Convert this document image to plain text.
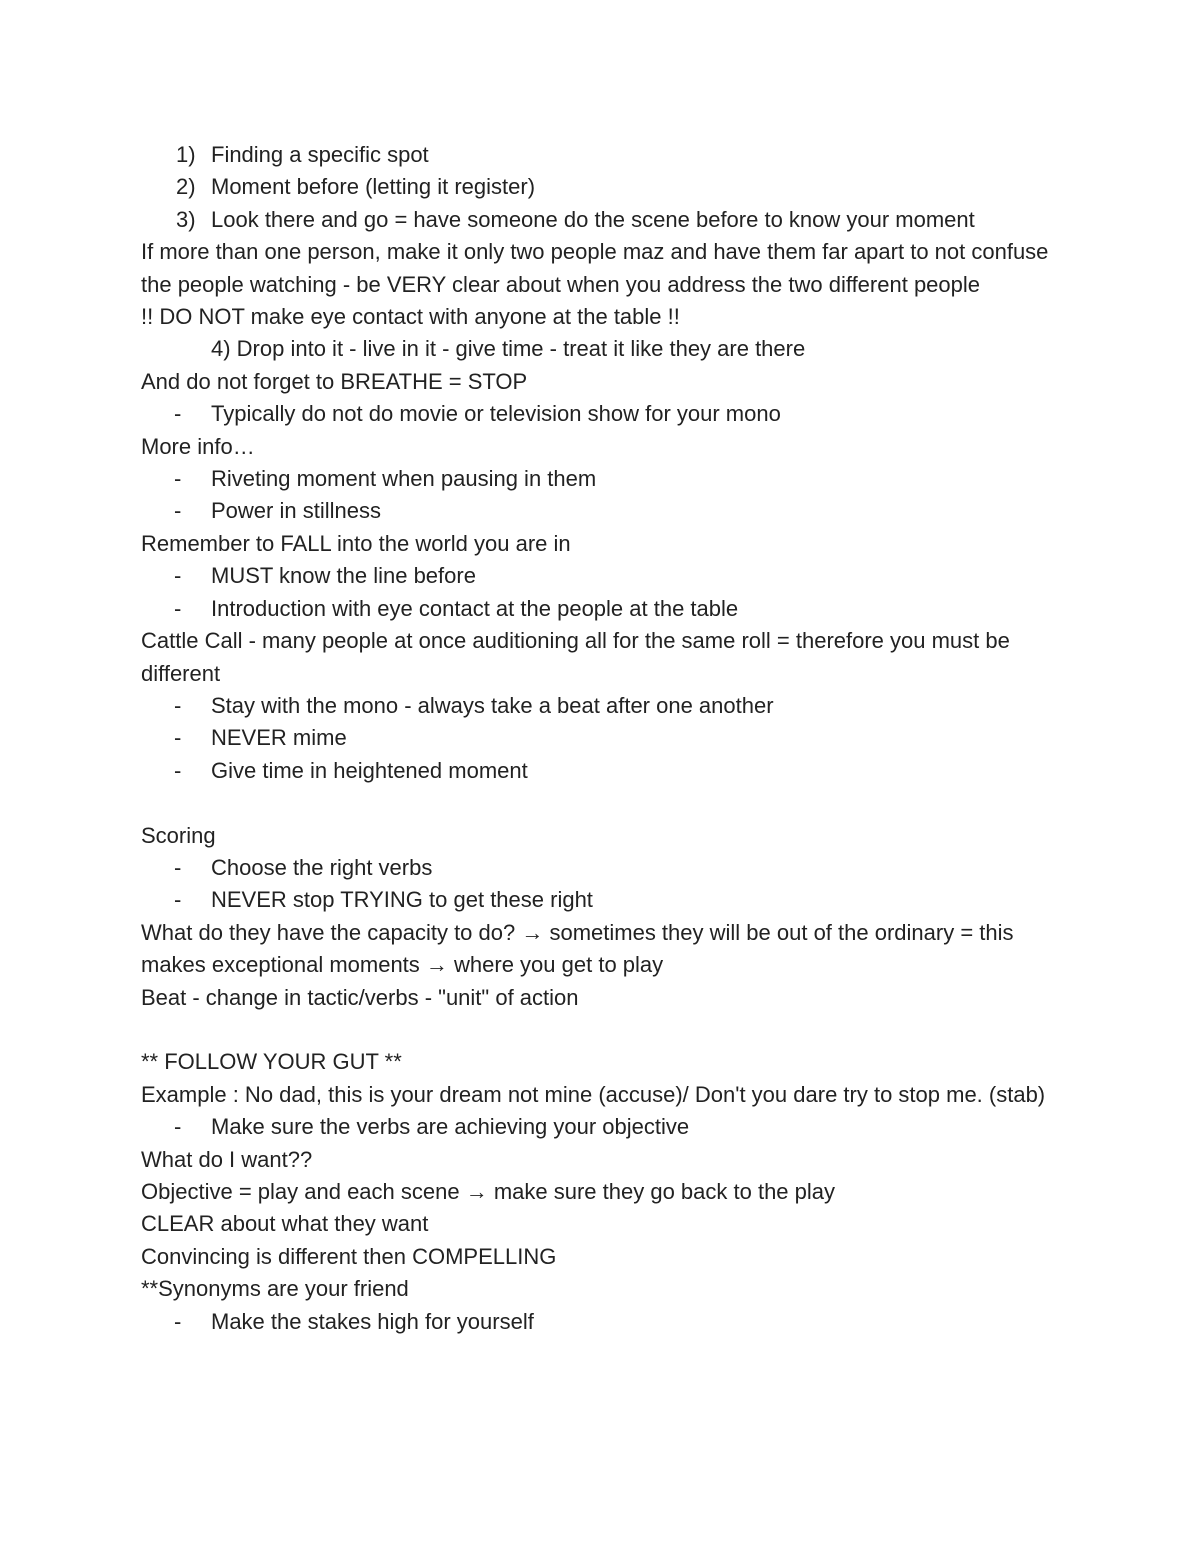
1) Finding a specific spot
2) Moment before (letting it register)
3) Look there and go = have someone do the scene before to know your moment
If more than one person, make it only two people maz and have them far apart to not confuse the people watching - be VERY clear about when you address the two different people
!! DO NOT make eye contact with anyone at the table !!
4) Drop into it - live in it - give time - treat it like they are there
And do not forget to BREATHE = STOP
- Typically do not do movie or television show for your mono
More info…
- Riveting moment when pausing in them
- Power in stillness
Remember to FALL into the world you are in
- MUST know the line before
- Introduction with eye contact at the people at the table
Cattle Call - many people at once auditioning all for the same roll = therefore you must be different
- Stay with the mono - always take a beat after one another
- NEVER mime
- Give time in heightened moment
Scoring
- Choose the right verbs
- NEVER stop TRYING to get these right
What do they have the capacity to do? → sometimes they will be out of the ordinary = this makes exceptional moments → where you get to play
Beat - change in tactic/verbs - "unit" of action
** FOLLOW YOUR GUT **
Example : No dad, this is your dream not mine (accuse)/ Don't you dare try to stop me. (stab)
- Make sure the verbs are achieving your objective
What do I want??
Objective = play and each scene → make sure they go back to the play
CLEAR about what they want
Convincing is different then COMPELLING
**Synonyms are your friend
- Make the stakes high for yourself
